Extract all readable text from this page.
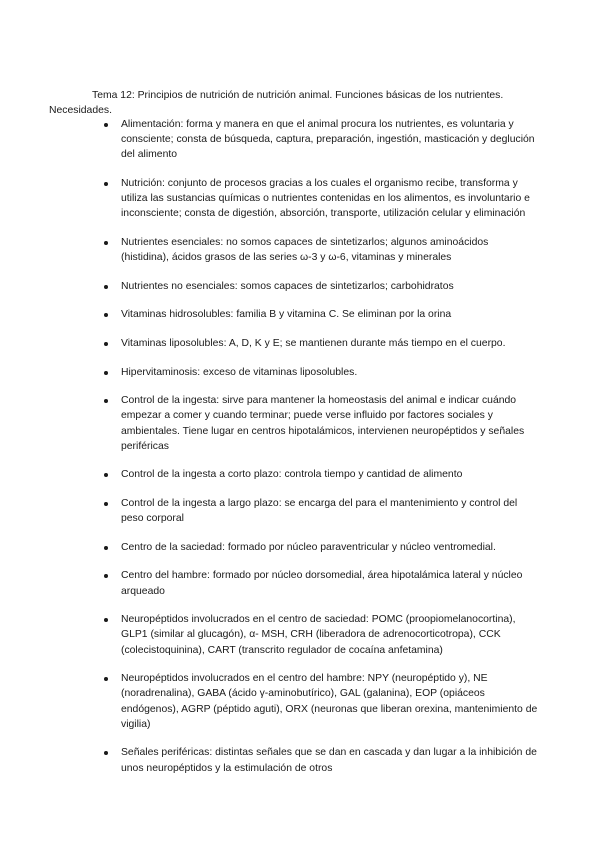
Tema 12: Principios de nutrición de nutrición animal. Funciones básicas de los nutrientes. Necesidades.

Alimentación: forma y manera en que el animal procura los nutrientes, es voluntaria y consciente; consta de búsqueda, captura, preparación, ingestión, masticación y deglución del alimento
Nutrición: conjunto de procesos gracias a los cuales el organismo recibe, transforma y utiliza las sustancias químicas o nutrientes contenidas en los alimentos, es involuntario e inconsciente; consta de digestión, absorción, transporte, utilización celular y eliminación
Nutrientes esenciales: no somos capaces de sintetizarlos; algunos aminoácidos (histidina), ácidos grasos de las series ω-3 y ω-6, vitaminas y minerales
Nutrientes no esenciales: somos capaces de sintetizarlos; carbohidratos
Vitaminas hidrosolubles: familia B y vitamina C. Se eliminan por la orina
Vitaminas liposolubles: A, D, K y E; se mantienen durante más tiempo en el cuerpo.
Hipervitaminosis: exceso de vitaminas liposolubles.
Control de la ingesta: sirve para mantener la homeostasis del animal e indicar cuándo empezar a comer y cuando terminar; puede verse influido por factores sociales y ambientales. Tiene lugar en centros hipotalámicos, intervienen neuropéptidos y señales periféricas
Control de la ingesta a corto plazo: controla tiempo y cantidad de alimento
Control de la ingesta a largo plazo: se encarga del para el mantenimiento y control del peso corporal
Centro de la saciedad: formado por núcleo paraventricular y núcleo ventromedial.
Centro del hambre: formado por núcleo dorsomedial, área hipotalámica lateral y núcleo arqueado
Neuropéptidos involucrados en el centro de saciedad: POMC (proopiomelanocortina), GLP1 (similar al glucagón), α- MSH, CRH (liberadora de adrenocorticotropa), CCK (colecistoquinina), CART (transcrito regulador de cocaína anfetamina)
Neuropéptidos involucrados en el centro del hambre: NPY (neuropéptido y), NE (noradrenalina), GABA (ácido γ-aminobutírico), GAL (galanina), EOP (opiáceos endógenos), AGRP (péptido aguti), ORX (neuronas que liberan orexina, mantenimiento de vigilia)
Señales periféricas: distintas señales que se dan en cascada y dan lugar a la inhibición de unos neuropéptidos y la estimulación de otros
